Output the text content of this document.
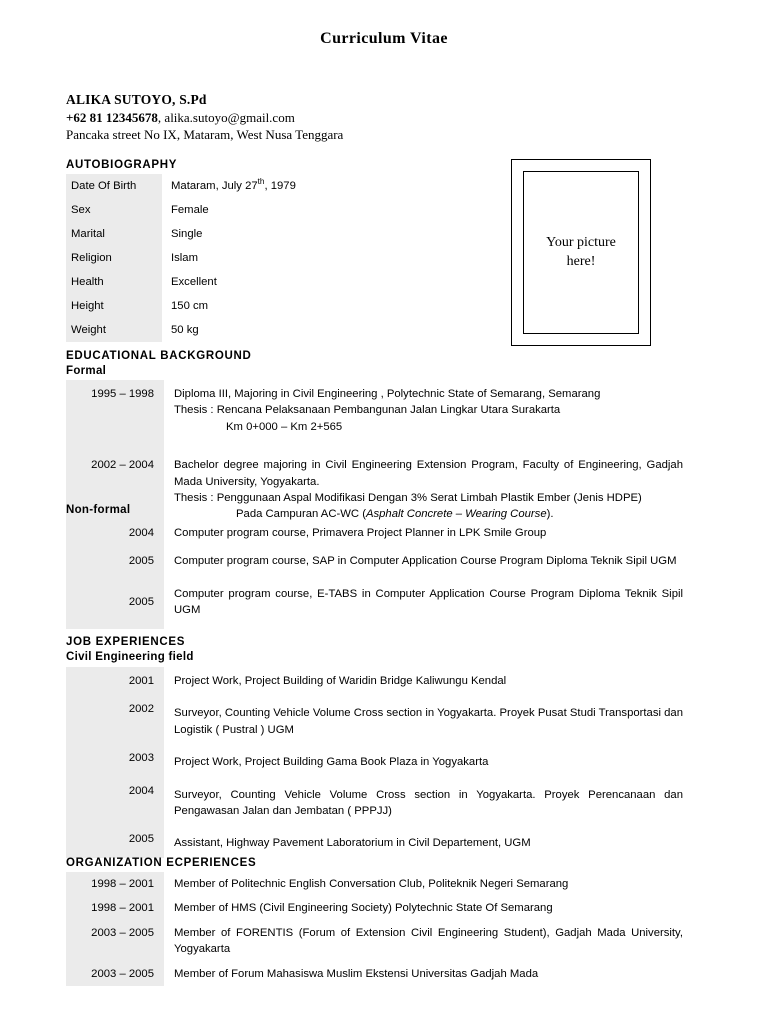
Curriculum Vitae
ALIKA SUTOYO, S.Pd
+62 81 12345678, alika.sutoyo@gmail.com
Pancaka street No IX, Mataram, West Nusa Tenggara
Your picture
here!
AUTOBIOGRAPHY
Date Of Birth	Mataram, July 27th, 1979
Sex	Female
Marital	Single
Religion	Islam
Health	Excellent
Height	150 cm
Weight	50 kg
EDUCATIONAL BACKGROUND
Formal
1995 – 1998	Diploma III, Majoring in Civil Engineering , Polytechnic State of Semarang, Semarang
Thesis : Rencana Pelaksanaan Pembangunan Jalan Lingkar Utara Surakarta
Km 0+000 – Km 2+565

2002 – 2004	Bachelor degree majoring in Civil Engineering Extension Program, Faculty of Engineering, Gadjah Mada University, Yogyakarta.
Thesis : Penggunaan Aspal Modifikasi Dengan 3% Serat Limbah Plastik Ember (Jenis HDPE)
Pada Campuran AC-WC (Asphalt Concrete – Wearing Course).
Non-formal
2004	Computer program course, Primavera Project Planner in LPK Smile Group
2005	Computer program course, SAP in Computer Application Course Program Diploma Teknik Sipil UGM
2005	Computer program course, E-TABS in Computer Application Course Program Diploma Teknik Sipil UGM
JOB EXPERIENCES
Civil Engineering field
2001	Project Work, Project Building of Waridin Bridge Kaliwungu Kendal
2002	Surveyor, Counting Vehicle Volume Cross section in Yogyakarta. Proyek Pusat Studi Transportasi dan Logistik ( Pustral ) UGM
2003	Project Work, Project Building Gama Book Plaza in Yogyakarta
2004	Surveyor, Counting Vehicle Volume Cross section in Yogyakarta. Proyek Perencanaan dan Pengawasan Jalan dan Jembatan ( PPPJJ)
2005	Assistant, Highway Pavement Laboratorium in Civil Departement, UGM
ORGANIZATION ECPERIENCES
1998 – 2001	Member of Politechnic English Conversation Club, Politeknik Negeri Semarang
1998 – 2001	Member of HMS (Civil Engineering Society) Polytechnic State Of Semarang
2003 – 2005	Member of FORENTIS (Forum of Extension Civil Engineering Student), Gadjah Mada University, Yogyakarta
2003 – 2005	Member of Forum Mahasiswa Muslim Ekstensi Universitas Gadjah Mada
